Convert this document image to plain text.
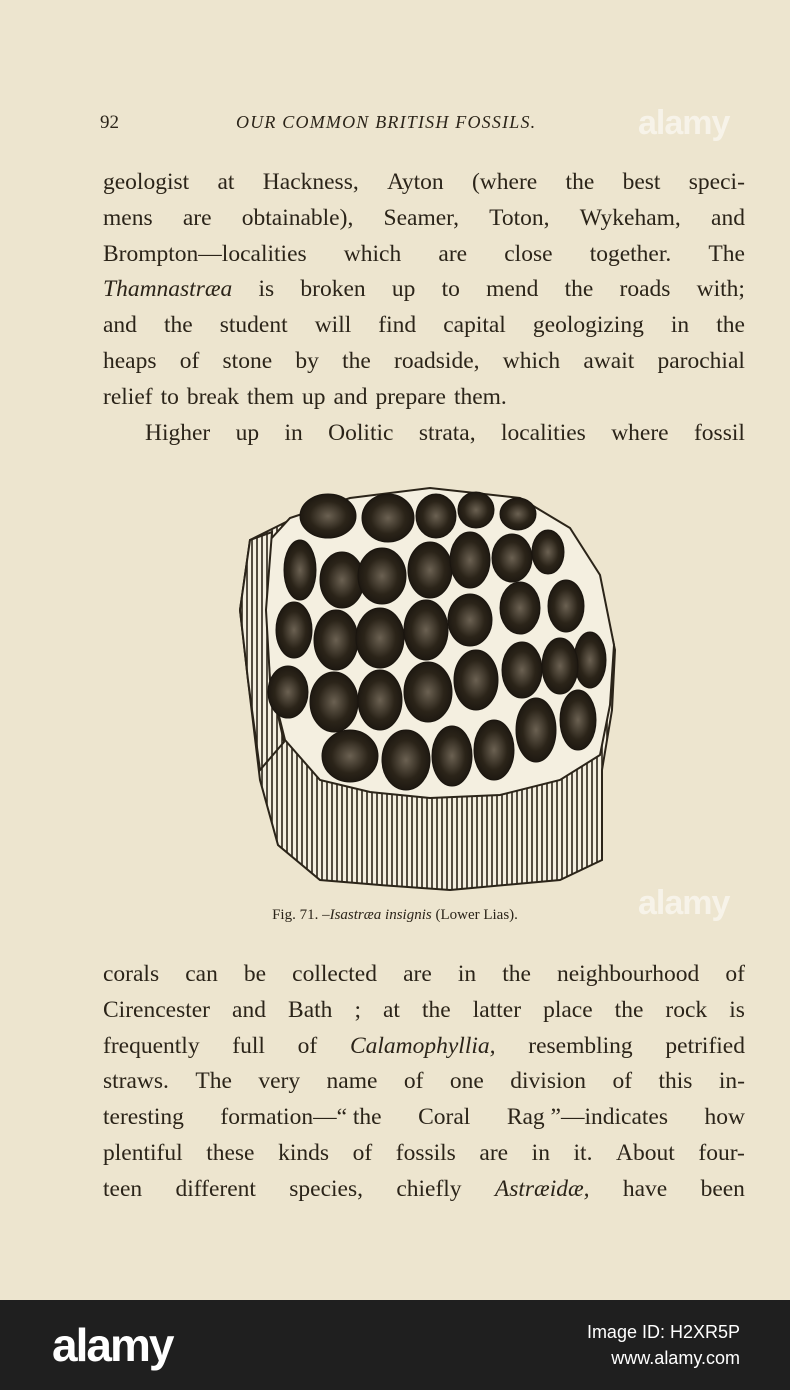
92	OUR COMMON BRITISH FOSSILS.	alamy
alamy
geologist at Hackness, Ayton (where the best speci-
mens are obtainable), Seamer, Toton, Wykeham, and
Brompton—localities which are close together. The
Thamnastræa is broken up to mend the roads with;
and the student will find capital geologizing in the
heaps of stone by the roadside, which await parochial
relief to break them up and prepare them.
Higher up in Oolitic strata, localities where fossil
Fig. 71. –Isastræa insignis (Lower Lias).
corals can be collected are in the neighbourhood of
Cirencester and Bath ; at the latter place the rock is
frequently full of Calamophyllia, resembling petrified
straws. The very name of one division of this in-
teresting formation—“ the Coral Rag ”—indicates how
plentiful these kinds of fossils are in it. About four-
teen different species, chiefly Astræidæ, have been
alamy	Image ID: H2XR5P
www.alamy.com
